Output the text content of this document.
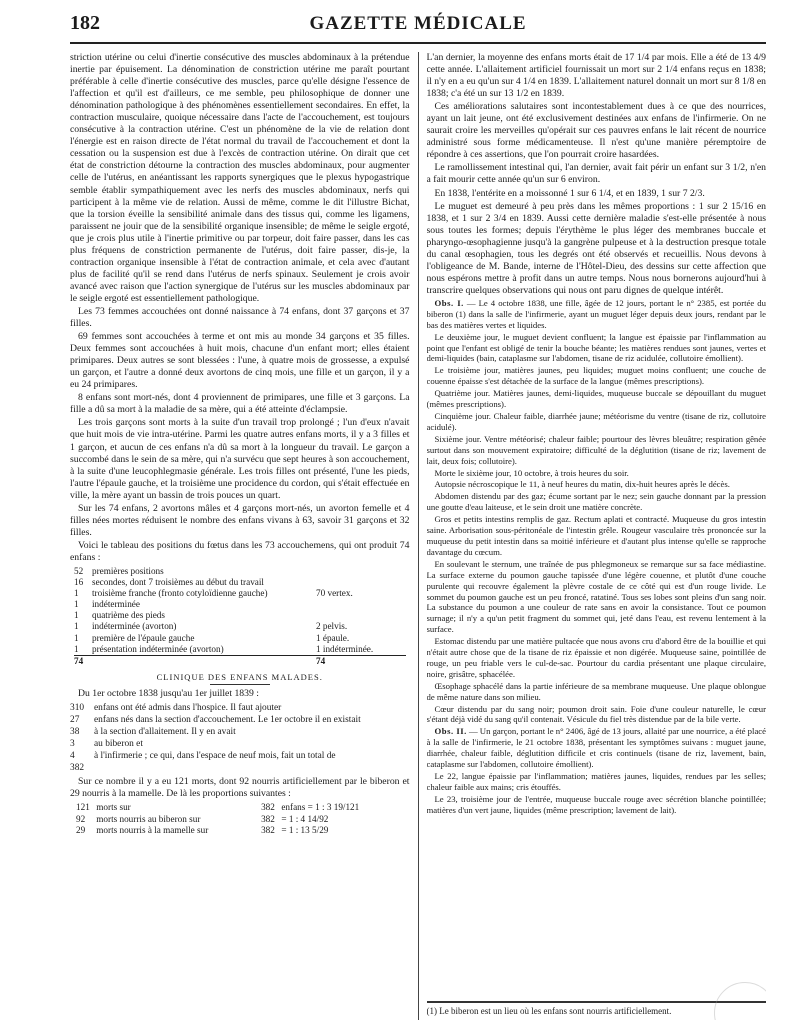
182	GAZETTE MÉDICALE

striction utérine ou celui d'inertie consécutive des muscles abdominaux à la prétendue inertie par épuisement. La dénomination de constriction utérine me paraît pourtant préférable à celle d'inertie consécutive des muscles, parce qu'elle désigne l'essence de l'affection et qu'il est d'ailleurs, ce me semble, peu philosophique de donner une dénomination pathologique à des phénomènes essentiellement secondaires. En effet, la contraction musculaire, quoique nécessaire dans l'acte de l'accouchement, est toujours consécutive à la contraction utérine. C'est un phénomène de la vie de relation dont l'énergie est en raison directe de l'état normal du travail de l'accouchement et dont la cessation ou la suspension est due à l'excès de contraction utérine. On dirait que cet état de constriction détourne la contraction des muscles abdominaux, pour augmenter celle de l'utérus, en anéantissant les rapports synergiques que le plexus hypogastrique semble établir sympathiquement avec les nerfs des muscles abdominaux, nerfs qui participent à la même vie de relation. Aussi de même, comme le dit l'illustre Bichat, que la torsion éveille la sensibilité animale dans des tissus qui, comme les ligamens, paraissent ne jouir que de la sensibilité organique insensible; de même le seigle ergoté, que je crois plus utile à l'inertie primitive ou par torpeur, doit faire passer, dans les cas plus fréquens de constriction permanente de l'utérus, doit faire passer, dis-je, la contraction organique insensible à l'état de contraction animale, et cela avec d'autant plus de facilité qu'il se rend dans l'utérus de nerfs spinaux. Seulement je crois avoir avancé avec raison que l'action synergique de l'utérus sur les muscles abdominaux par le seigle ergoté est essentiellement pathologique.

Les 73 femmes accouchées ont donné naissance à 74 enfans, dont 37 garçons et 37 filles.

69 femmes sont accouchées à terme et ont mis au monde 34 garçons et 35 filles. Deux femmes sont accouchées à huit mois, chacune d'un enfant mort; elles étaient primipares. Deux autres se sont blessées : l'une, à quatre mois de grossesse, a expulsé un garçon, et l'autre a donné deux avortons de cinq mois, une fille et un garçon, il y a eu 24 primipares.

8 enfans sont mort-nés, dont 4 proviennent de primipares, une fille et 3 garçons. La fille a dû sa mort à la maladie de sa mère, qui a été atteinte d'éclampsie.

Les trois garçons sont morts à la suite d'un travail trop prolongé ; l'un d'eux n'avait que huit mois de vie intra-utérine. Parmi les quatre autres enfans morts, il y a 3 filles et 1 garçon, et aucun de ces enfans n'a dû sa mort à la longueur du travail. Le garçon a succombé dans le sein de sa mère, qui n'a survécu que sept heures à son accouchement, à la suite d'une leucophlegmasie générale. Les trois filles ont présenté, l'une les pieds, l'autre l'épaule gauche, et la troisième une procidence du cordon, qui s'était effectuée en ville, la mère ayant un bassin de trois pouces un quart.

Sur les 74 enfans, 2 avortons mâles et 4 garçons mort-nés, un avorton femelle et 4 filles nées mortes réduisent le nombre des enfans vivans à 63, savoir 31 garçons et 32 filles.

Voici le tableau des positions du fœtus dans les 73 accouchemens, qui ont produit 74 enfans :

52	premières positions	
16	secondes, dont 7 troisièmes au début du travail	
1	troisième franche (fronto cotyloïdienne gauche)	70 vertex.
1	indéterminée	
1	quatrième des pieds	
1	indéterminée (avorton)	2 pelvis.
1	première de l'épaule gauche	1 épaule.
1	présentation indéterminée (avorton)	1 indéterminée.
74		74
CLINIQUE DES ENFANS MALADES.

Du 1er octobre 1838 jusqu'au 1er juillet 1839 :

310	enfans ont été admis dans l'hospice. Il faut ajouter
27	enfans nés dans la section d'accouchement. Le 1er octobre il en existait
38	à la section d'allaitement. Il y en avait
3	au biberon et
4	à l'infirmerie ; ce qui, dans l'espace de neuf mois, fait un total de
382	

Sur ce nombre il y a eu 121 morts, dont 92 nourris artificiellement par le biberon et 29 nourris à la mamelle. De là les proportions suivantes :

121	morts sur	382	enfans = 1 : 3 19/121
92	morts nourris au biberon sur	382	= 1 : 4 14/92
29	morts nourris à la mamelle sur	382	= 1 : 13 5/29

L'an dernier, la moyenne des enfans morts était de 17 1/4 par mois. Elle a été de 13 4/9 cette année. L'allaitement artificiel fournissait un mort sur 2 1/4 enfans reçus en 1838; il n'y en a eu qu'un sur 4 1/4 en 1839. L'allaitement naturel donnait un mort sur 8 1/8 en 1838; c'a été un sur 13 1/2 en 1839.

Ces améliorations salutaires sont incontestablement dues à ce que des nourrices, ayant un lait jeune, ont été exclusivement destinées aux enfans de l'infirmerie. On ne saurait croire les merveilles qu'opérait sur ces pauvres enfans le lait récent de nourrice administré sous forme médicamenteuse. Il n'est qu'une manière péremptoire de répondre à ces assertions, que l'on pourrait croire hasardées.

Le ramollissement intestinal qui, l'an dernier, avait fait périr un enfant sur 3 1/2, n'en a fait mourir cette année qu'un sur 6 environ.

En 1838, l'entérite en a moissonné 1 sur 6 1/4, et en 1839, 1 sur 7 2/3.

Le muguet est demeuré à peu près dans les mêmes proportions : 1 sur 2 15/16 en 1838, et 1 sur 2 3/4 en 1839. Aussi cette dernière maladie s'est-elle présentée à nous sous toutes les formes; depuis l'érythème le plus léger des membranes buccale et pharyngo-œsophagienne jusqu'à la gangrène pulpeuse et à la destruction presque totale du canal œsophagien, tous les degrés ont été observés et recueillis. Nous devons à l'obligeance de M. Bande, interne de l'Hôtel-Dieu, des dessins sur cette affection que nous espérons mettre à profit dans un autre temps. Nous nous bornerons aujourd'hui à transcrire quelques observations qui nous ont paru dignes de quelque intérêt.

Obs. I. — Le 4 octobre 1838, une fille, âgée de 12 jours, portant le n° 2385, est portée du biberon (1) dans la salle de l'infirmerie, ayant un muguet léger depuis deux jours, rendant par le bas des matières vertes et liquides.

Le deuxième jour, le muguet devient confluent; la langue est épaissie par l'inflammation au point que l'enfant est obligé de tenir la bouche béante; les matières rendues sont jaunes, vertes et demi-liquides (bain, cataplasme sur l'abdomen, tisane de riz acidulée, collutoire émollient).

Le troisième jour, matières jaunes, peu liquides; muguet moins confluent; une couche de couenne épaisse s'est détachée de la surface de la langue (mêmes prescriptions).

Quatrième jour. Matières jaunes, demi-liquides, muqueuse buccale se dépouillant du muguet (mêmes prescriptions).

Cinquième jour. Chaleur faible, diarrhée jaune; météorisme du ventre (tisane de riz, collutoire acidulé).

Sixième jour. Ventre météorisé; chaleur faible; pourtour des lèvres bleuâtre; respiration gênée surtout dans son mouvement expiratoire; difficulté de la déglutition (tisane de riz; lavement de lait, deux fois; collutoire).

Morte le sixième jour, 10 octobre, à trois heures du soir.

Autopsie nécroscopique le 11, à neuf heures du matin, dix-huit heures après le décès.

Abdomen distendu par des gaz; écume sortant par le nez; sein gauche donnant par la pression une goutte d'eau laiteuse, et le sein droit une matière concrète.

Gros et petits intestins remplis de gaz. Rectum aplati et contracté. Muqueuse du gros intestin saine. Arborisation sous-péritonéale de l'intestin grêle. Rougeur vasculaire très prononcée sur la muqueuse du petit intestin dans sa moitié inférieure et d'autant plus intense qu'elle se rapproche davantage du cœcum.

En soulevant le sternum, une traînée de pus phlegmoneux se remarque sur sa face médiastine. La surface externe du poumon gauche tapissée d'une légère couenne, et plutôt d'une couche purulente qui recouvre également la plèvre costale de ce côté qui est d'un rouge livide. Le sommet du poumon gauche est un peu froncé, ratatiné. Tous ses lobes sont pleins d'un sang noir. La substance du poumon a une couleur de rate sans en avoir la consistance. Tout ce poumon surnage; il n'y a qu'un petit fragment du sommet qui, jeté dans l'eau, est revenu lentement à la surface.

Estomac distendu par une matière pultacée que nous avons cru d'abord être de la bouillie et qui n'était autre chose que de la tisane de riz épaissie et non digérée. Muqueuse saine, pointillée de rouge, un peu friable vers le cul-de-sac. Pourtour du cardia présentant une plaque circulaire, noire, grisâtre, sphacélée.

Œsophage sphacélé dans la partie inférieure de sa membrane muqueuse. Une plaque oblongue de même nature dans son milieu.

Cœur distendu par du sang noir; poumon droit sain. Foie d'une couleur naturelle, le cœur s'étant déjà vidé du sang qu'il contenait. Vésicule du fiel très distendue par de la bile verte.

Obs. II. — Un garçon, portant le n° 2406, âgé de 13 jours, allaité par une nourrice, a été placé à la salle de l'infirmerie, le 21 octobre 1838, présentant les symptômes suivans : muguet jaune, diarrhée, chaleur faible, déglutition difficile et cris continuels (tisane de riz, lavement, bain, cataplasme sur l'abdomen, collutoire émollient).

Le 22, langue épaissie par l'inflammation; matières jaunes, liquides, rendues par les selles; chaleur faible aux mains; cris étouffés.

Le 23, troisième jour de l'entrée, muqueuse buccale rouge avec sécrétion blanche pointillée; matières d'un vert jaune, liquides (même prescription; lavement de lait).

(1) Le biberon est un lieu où les enfans sont nourris artificiellement.
